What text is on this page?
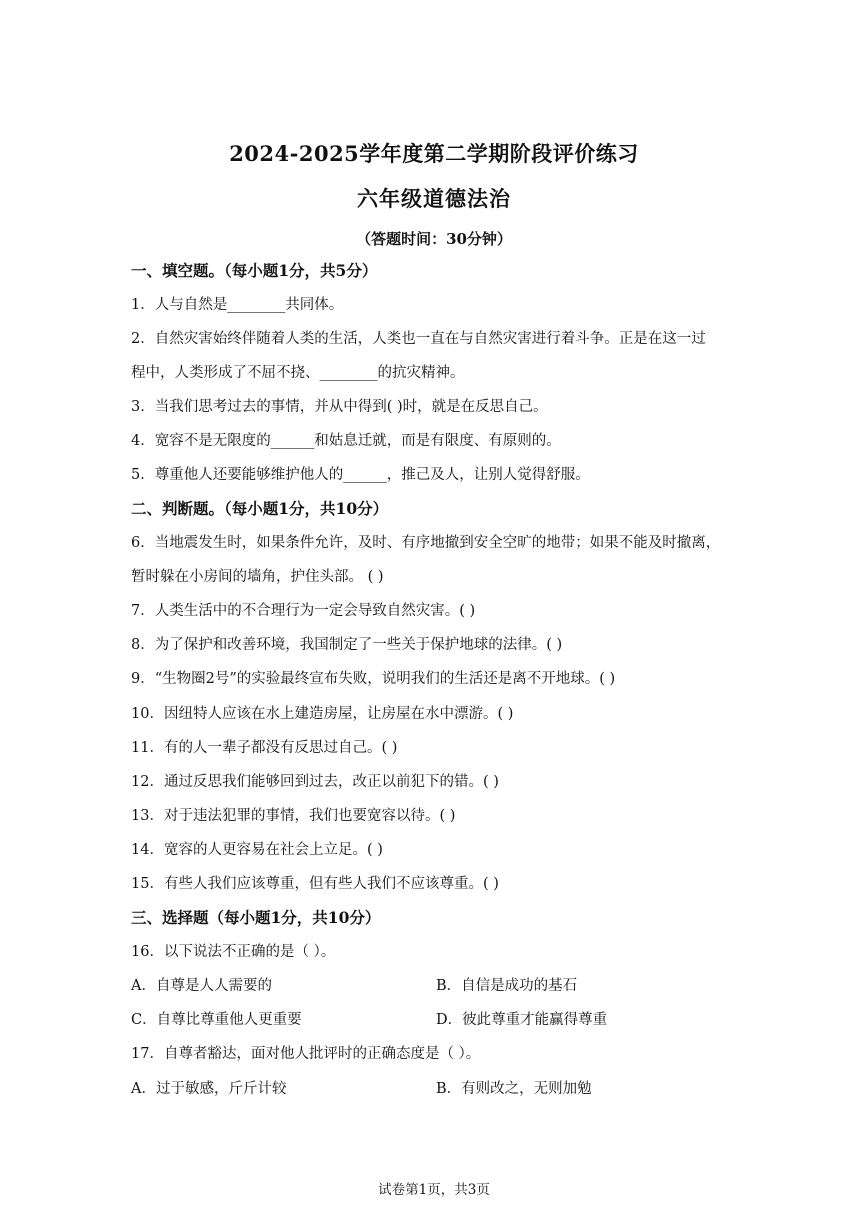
2024-2025学年度第二学期阶段评价练习
六年级道德法治
（答题时间：30分钟）
一、填空题。（每小题1分，共5分）
1．人与自然是________共同体。
2．自然灾害始终伴随着人类的生活，人类也一直在与自然灾害进行着斗争。正是在这一过
程中，人类形成了不屈不挠、________的抗灾精神。
3．当我们思考过去的事情，并从中得到( )时，就是在反思自己。
4．宽容不是无限度的______和姑息迁就，而是有限度、有原则的。
5．尊重他人还要能够维护他人的______，推己及人，让别人觉得舒服。
二、判断题。（每小题1分，共10分）
6．当地震发生时，如果条件允许，及时、有序地撤到安全空旷的地带；如果不能及时撤离，
暂时躲在小房间的墙角，护住头部。 ( )
7．人类生活中的不合理行为一定会导致自然灾害。( )
8．为了保护和改善环境，我国制定了一些关于保护地球的法律。( )
9．“生物圈2号”的实验最终宣布失败，说明我们的生活还是离不开地球。( )
10．因纽特人应该在水上建造房屋，让房屋在水中漂游。( )
11．有的人一辈子都没有反思过自己。( )
12．通过反思我们能够回到过去，改正以前犯下的错。( )
13．对于违法犯罪的事情，我们也要宽容以待。( )
14．宽容的人更容易在社会上立足。( )
15．有些人我们应该尊重，但有些人我们不应该尊重。( )
三、选择题（每小题1分，共10分）
16．以下说法不正确的是（ ）。
A．自尊是人人需要的	B．自信是成功的基石
C．自尊比尊重他人更重要	D．彼此尊重才能赢得尊重
17．自尊者豁达，面对他人批评时的正确态度是（ ）。
A．过于敏感，斤斤计较	B．有则改之，无则加勉
试卷第1页，共3页
